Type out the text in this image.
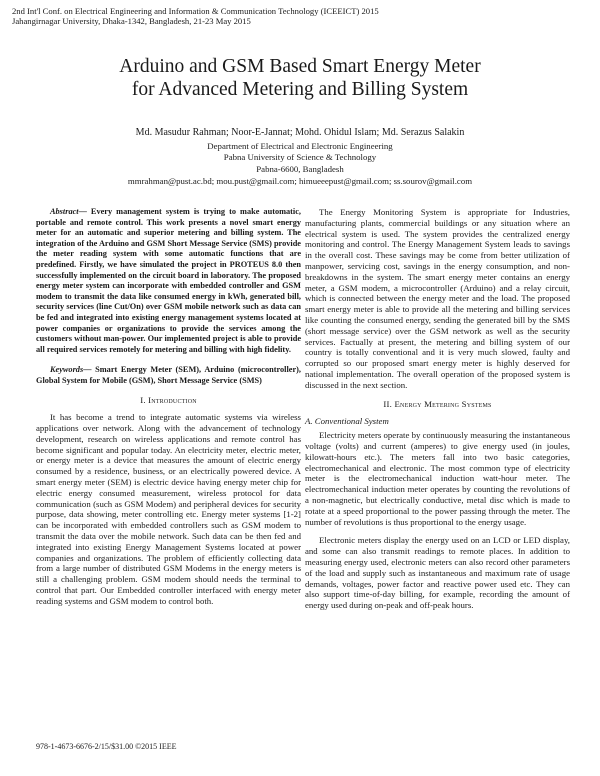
2nd Int'l Conf. on Electrical Engineering and Information & Communication Technology (ICEEICT) 2015
Jahangirnagar University, Dhaka-1342, Bangladesh, 21-23 May 2015
Arduino and GSM Based Smart Energy Meter
for Advanced Metering and Billing System
Md. Masudur Rahman; Noor-E-Jannat; Mohd. Ohidul Islam; Md. Serazus Salakin
Department of Electrical and Electronic Engineering
Pabna University of Science & Technology
Pabna-6600, Bangladesh
mmrahman@pust.ac.bd; mou.pust@gmail.com; himueeepust@gmail.com; ss.sourov@gmail.com

Abstract— Every management system is trying to make automatic, portable and remote control. This work presents a novel smart energy meter for an automatic and superior metering and billing system. The integration of the Arduino and GSM Short Message Service (SMS) provide the meter reading system with some automatic functions that are predefined. Firstly, we have simulated the project in PROTEUS 8.0 then successfully implemented on the circuit board in laboratory. The proposed energy meter system can incorporate with embedded controller and GSM modem to transmit the data like consumed energy in kWh, generated bill, security services (line Cut/On) over GSM mobile network such as data can be fed and integrated into existing energy management systems located at power companies or organizations to provide the services among the customers without man-power. Our implemented project is able to provide all required services remotely for metering and billing with high fidelity.

Keywords— Smart Energy Meter (SEM), Arduino (microcontroller), Global System for Mobile (GSM), Short Message Service (SMS)

I. Introduction

It has become a trend to integrate automatic systems via wireless applications over network. Along with the advancement of technology development, research on wireless applications and remote control has become significant and popular today. An electricity meter, electric meter, or energy meter is a device that measures the amount of electric energy consumed by a residence, business, or an electrically powered device. A smart energy meter (SEM) is electric device having energy meter chip for electric energy consumed measurement, wireless protocol for data communication (such as GSM Modem) and peripheral devices for security purpose, data showing, meter controlling etc. Energy meter systems [1-2] can be incorporated with embedded controllers such as GSM modem to transmit the data over the mobile network. Such data can be then fed and integrated into existing Energy Management Systems located at power companies and organizations. The problem of efficiently collecting data from a large number of distributed GSM Modems in the energy meters is still a challenging problem. GSM modem should needs the terminal to control that part. Our Embedded controller interfaced with energy meter reading systems and GSM modem to control both.

The Energy Monitoring System is appropriate for Industries, manufacturing plants, commercial buildings or any situation where an electrical system is used. The system provides the centralized energy monitoring and control. The Energy Management System leads to savings in the overall cost. These savings may be come from better utilization of manpower, servicing cost, savings in the energy consumption, and non-breakdowns in the system. The smart energy meter contains an energy meter, a GSM modem, a microcontroller (Arduino) and a relay circuit, which is connected between the energy meter and the load. The proposed smart energy meter is able to provide all the metering and billing services like counting the consumed energy, sending the generated bill by the SMS (short message service) over the GSM network as well as the security services. Factually at present, the metering and billing system of our country is totally conventional and it is very much slowed, faulty and corrupted so our proposed smart energy meter is highly deserved for national implementation. The overall operation of the proposed system is discussed in the next section.

II. Energy Metering Systems

A. Conventional System

Electricity meters operate by continuously measuring the instantaneous voltage (volts) and current (amperes) to give energy used (in joules, kilowatt-hours etc.). The meters fall into two basic categories, electromechanical and electronic. The most common type of electricity meter is the electromechanical induction watt-hour meter. The electromechanical induction meter operates by counting the revolutions of a non-magnetic, but electrically conductive, metal disc which is made to rotate at a speed proportional to the power passing through the meter. The number of revolutions is thus proportional to the energy usage.

Electronic meters display the energy used on an LCD or LED display, and some can also transmit readings to remote places. In addition to measuring energy used, electronic meters can also record other parameters of the load and supply such as instantaneous and maximum rate of usage demands, voltages, power factor and reactive power used etc. They can also support time-of-day billing, for example, recording the amount of energy used during on-peak and off-peak hours.

978-1-4673-6676-2/15/$31.00 ©2015 IEEE
